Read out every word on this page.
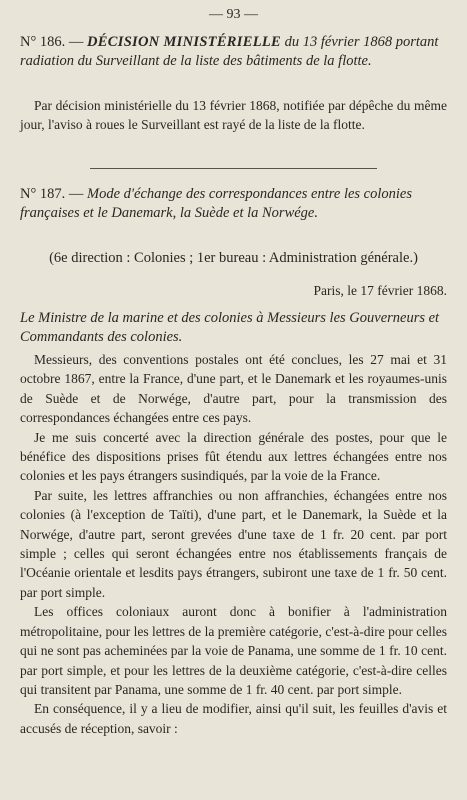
— 93 —

N° 186. — DÉCISION MINISTÉRIELLE du 13 février 1868 portant radiation du Surveillant de la liste des bâtiments de la flotte.

Par décision ministérielle du 13 février 1868, notifiée par dépêche du même jour, l'aviso à roues le Surveillant est rayé de la liste de la flotte.

N° 187. — Mode d'échange des correspondances entre les colonies françaises et le Danemark, la Suède et la Norwége.

(6e direction : Colonies ; 1er bureau : Administration générale.)
Paris, le 17 février 1868.

Le Ministre de la marine et des colonies à Messieurs les Gouverneurs et Commandants des colonies.

Messieurs, des conventions postales ont été conclues, les 27 mai et 31 octobre 1867, entre la France, d'une part, et le Danemark et les royaumes-unis de Suède et de Norwége, d'autre part, pour la transmission des correspondances échangées entre ces pays.

Je me suis concerté avec la direction générale des postes, pour que le bénéfice des dispositions prises fût étendu aux lettres échangées entre nos colonies et les pays étrangers susindiqués, par la voie de la France.

Par suite, les lettres affranchies ou non affranchies, échangées entre nos colonies (à l'exception de Taïti), d'une part, et le Danemark, la Suède et la Norwége, d'autre part, seront grevées d'une taxe de 1 fr. 20 cent. par port simple ; celles qui seront échangées entre nos établissements français de l'Océanie orientale et lesdits pays étrangers, subiront une taxe de 1 fr. 50 cent. par port simple.

Les offices coloniaux auront donc à bonifier à l'administration métropolitaine, pour les lettres de la première catégorie, c'est-à-dire pour celles qui ne sont pas acheminées par la voie de Panama, une somme de 1 fr. 10 cent. par port simple, et pour les lettres de la deuxième catégorie, c'est-à-dire celles qui transitent par Panama, une somme de 1 fr. 40 cent. par port simple.

En conséquence, il y a lieu de modifier, ainsi qu'il suit, les feuilles d'avis et accusés de réception, savoir :
